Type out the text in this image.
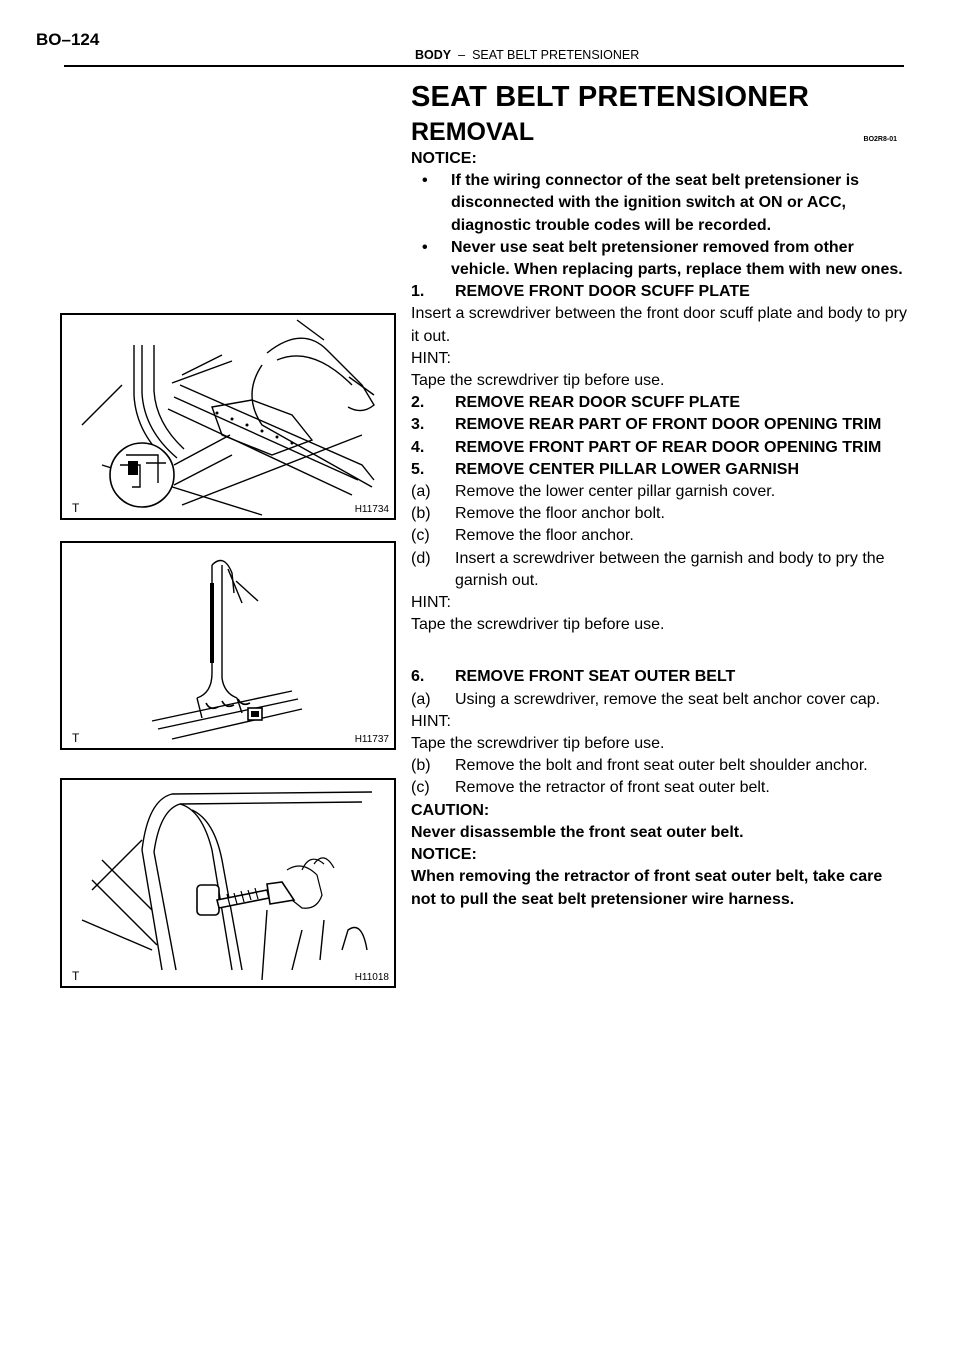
BO–124
BODY – SEAT BELT PRETENSIONER
T	H11734
T	H11737
T	H11018
SEAT BELT PRETENSIONER
REMOVAL	BO2R8-01
NOTICE:
• If the wiring connector of the seat belt pretensioner is disconnected with the ignition switch at ON or ACC, diagnostic trouble codes will be recorded.
• Never use seat belt pretensioner removed from other vehicle. When replacing parts, replace them with new ones.
1. REMOVE FRONT DOOR SCUFF PLATE
Insert a screwdriver between the front door scuff plate and body to pry it out.
HINT:
Tape the screwdriver tip before use.
2. REMOVE REAR DOOR SCUFF PLATE
3. REMOVE REAR PART OF FRONT DOOR OPENING TRIM
4. REMOVE FRONT PART OF REAR DOOR OPENING TRIM
5. REMOVE CENTER PILLAR LOWER GARNISH
(a) Remove the lower center pillar garnish cover.
(b) Remove the floor anchor bolt.
(c) Remove the floor anchor.
(d) Insert a screwdriver between the garnish and body to pry the garnish out.
HINT:
Tape the screwdriver tip before use.
6. REMOVE FRONT SEAT OUTER BELT
(a) Using a screwdriver, remove the seat belt anchor cover cap.
HINT:
Tape the screwdriver tip before use.
(b) Remove the bolt and front seat outer belt shoulder anchor.
(c) Remove the retractor of front seat outer belt.
CAUTION:
Never disassemble the front seat outer belt.
NOTICE:
When removing the retractor of front seat outer belt, take care not to pull the seat belt pretensioner wire harness.
